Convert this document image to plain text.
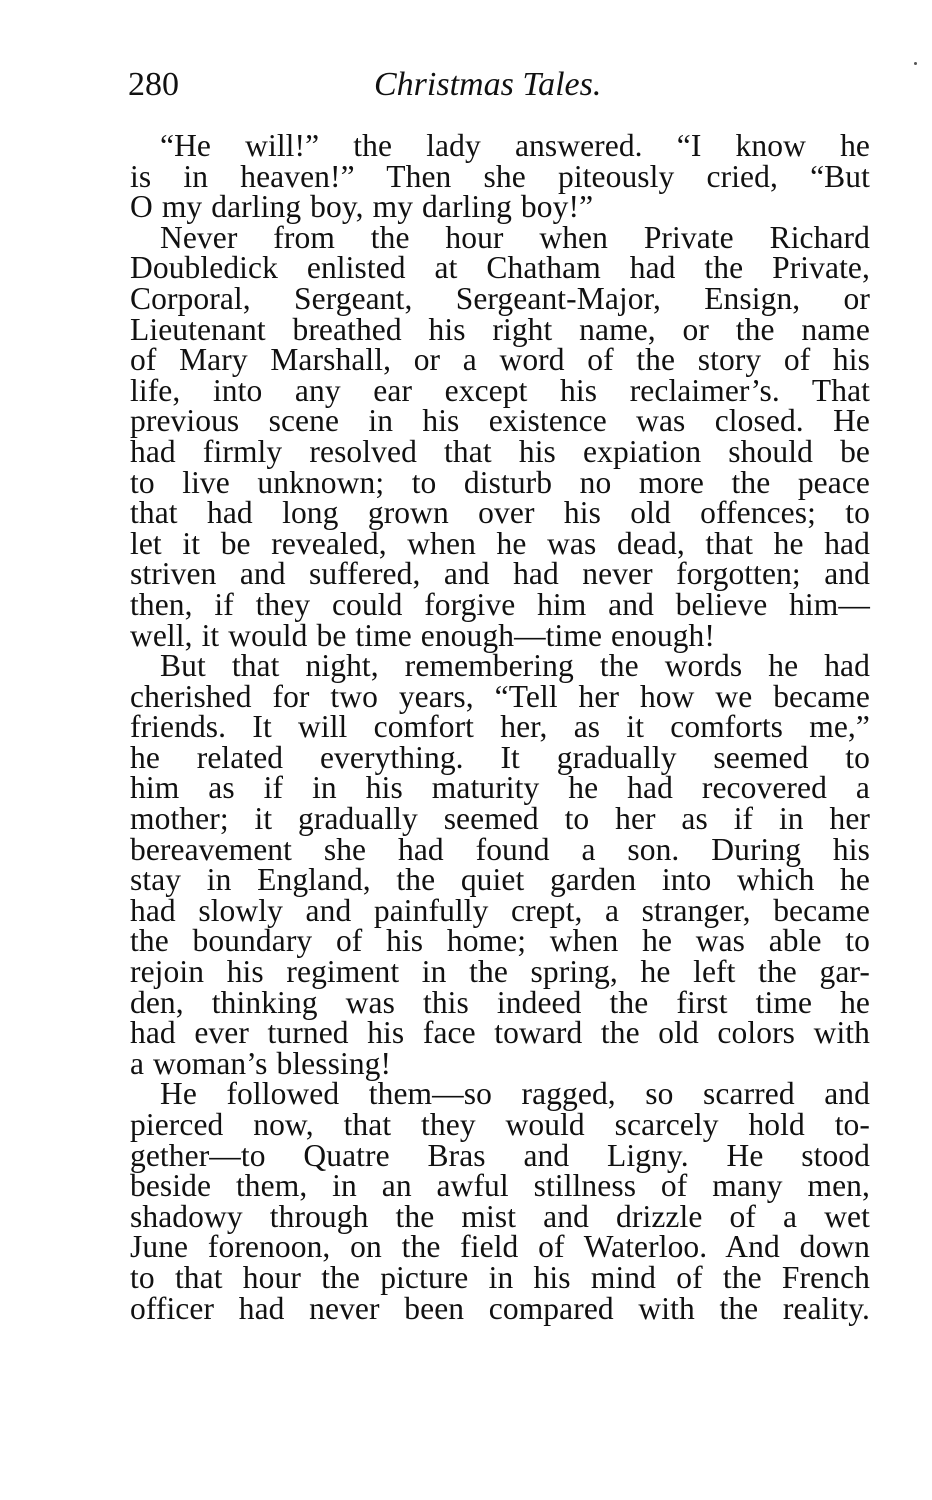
280	Christmas Tales.
“He will!” the lady answered. “I know he
is in heaven!” Then she piteously cried, “But
O my darling boy, my darling boy!”
Never from the hour when Private Richard
Doubledick enlisted at Chatham had the Private,
Corporal, Sergeant, Sergeant-Major, Ensign, or
Lieutenant breathed his right name, or the name
of Mary Marshall, or a word of the story of his
life, into any ear except his reclaimer’s. That
previous scene in his existence was closed. He
had firmly resolved that his expiation should be
to live unknown; to disturb no more the peace
that had long grown over his old offences; to
let it be revealed, when he was dead, that he had
striven and suffered, and had never forgotten; and
then, if they could forgive him and believe him—
well, it would be time enough—time enough!
But that night, remembering the words he had
cherished for two years, “Tell her how we became
friends. It will comfort her, as it comforts me,”
he related everything. It gradually seemed to
him as if in his maturity he had recovered a
mother; it gradually seemed to her as if in her
bereavement she had found a son. During his
stay in England, the quiet garden into which he
had slowly and painfully crept, a stranger, became
the boundary of his home; when he was able to
rejoin his regiment in the spring, he left the gar-
den, thinking was this indeed the first time he
had ever turned his face toward the old colors with
a woman’s blessing!
He followed them—so ragged, so scarred and
pierced now, that they would scarcely hold to-
gether—to Quatre Bras and Ligny. He stood
beside them, in an awful stillness of many men,
shadowy through the mist and drizzle of a wet
June forenoon, on the field of Waterloo. And down
to that hour the picture in his mind of the French
officer had never been compared with the reality.
